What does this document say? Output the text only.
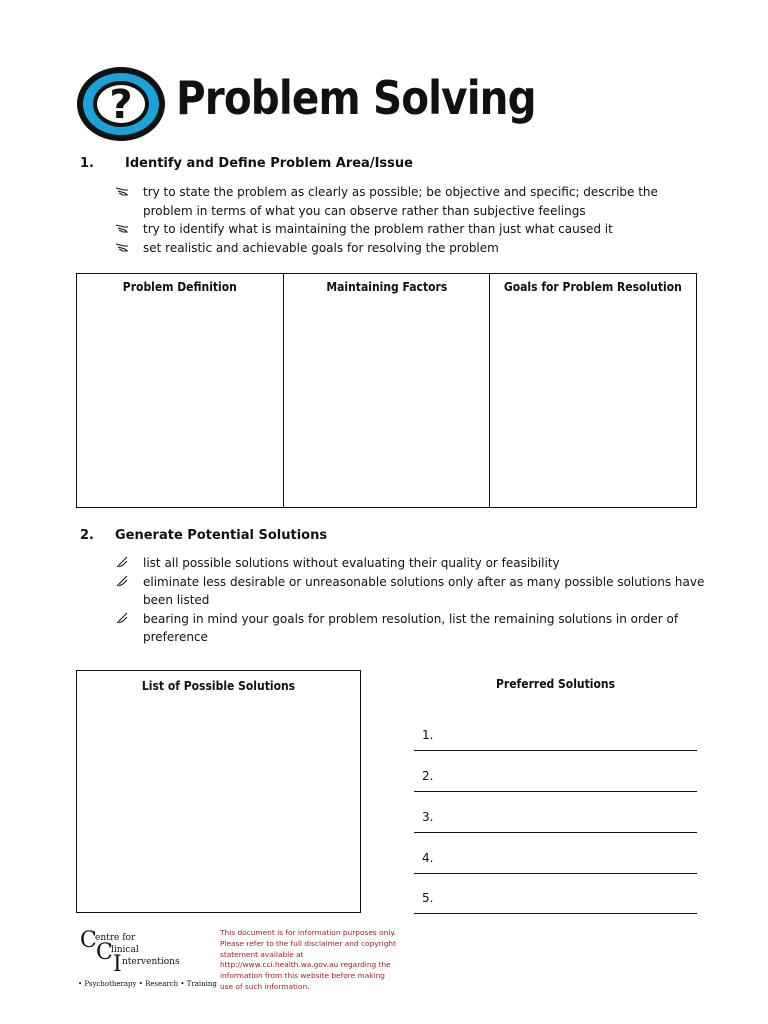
? Problem Solving
1. Identify and Define Problem Area/Issue
try to state the problem as clearly as possible; be objective and specific; describe the problem in terms of what you can observe rather than subjective feelings
try to identify what is maintaining the problem rather than just what caused it
set realistic and achievable goals for resolving the problem
Problem Definition	Maintaining Factors	Goals for Problem Resolution
2. Generate Potential Solutions
list all possible solutions without evaluating their quality or feasibility
eliminate less desirable or unreasonable solutions only after as many possible solutions have been listed
bearing in mind your goals for problem resolution, list the remaining solutions in order of preference
List of Possible Solutions	Preferred Solutions
1.
2.
3.
4.
5.
C
entre for
C
linical
I nterventions
• Psychotherapy • Research • Training
This document is for information purposes only. Please refer to the full disclaimer and copyright statement available at http://www.cci.health.wa.gov.au regarding the information from this website before making use of such information.
